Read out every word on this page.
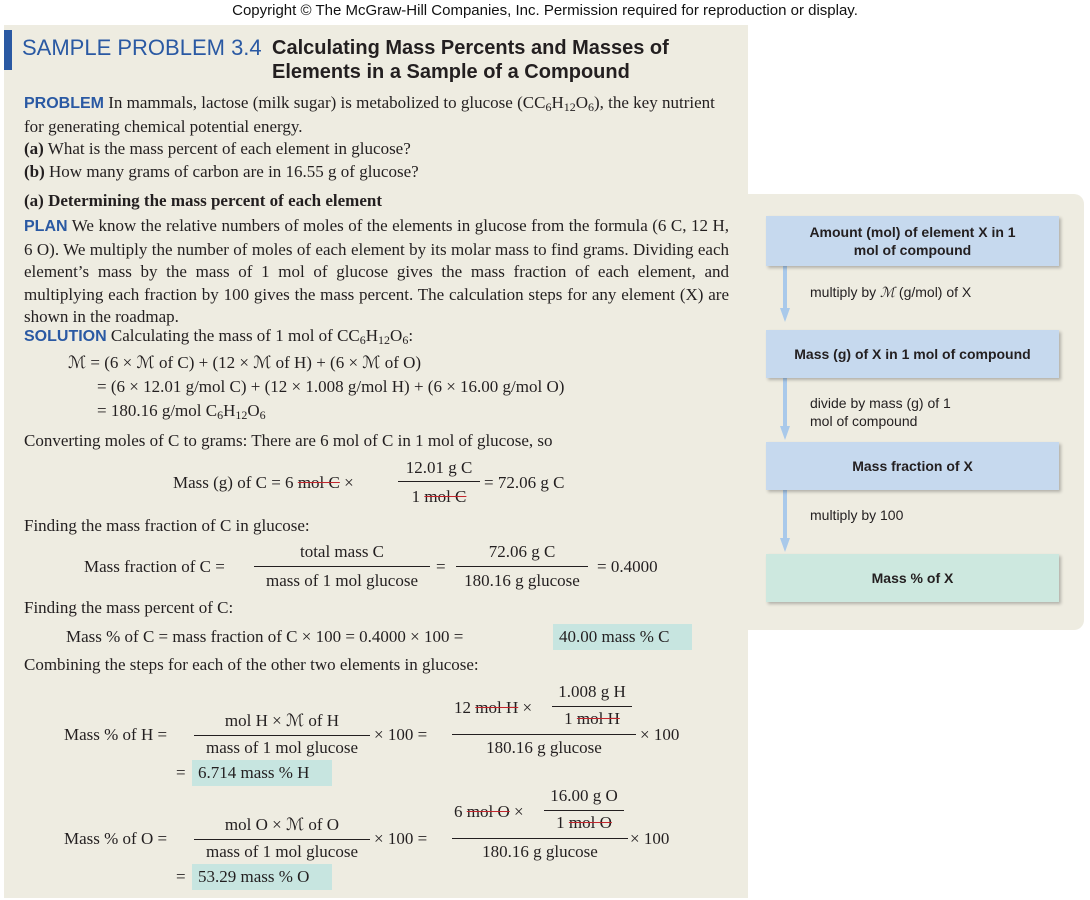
Copyright © The McGraw-Hill Companies, Inc. Permission required for reproduction or display.
SAMPLE PROBLEM 3.4 Calculating Mass Percents and Masses of
Elements in a Sample of a Compound
PROBLEM In mammals, lactose (milk sugar) is metabolized to glucose $(CC_6H_{12}O_6)$, the key nutrient for generating chemical potential energy.
(a) What is the mass percent of each element in glucose?
(b) How many grams of carbon are in 16.55 g of glucose?
(a) Determining the mass percent of each element
PLAN We know the relative numbers of moles of the elements in glucose from the formula (6 C, 12 H, 6 O). We multiply the number of moles of each element by its molar mass to find grams. Dividing each element’s mass by the mass of 1 mol of glucose gives the mass fraction of each element, and multiplying each fraction by 100 gives the mass percent. The calculation steps for any element (X) are shown in the roadmap.
SOLUTION Calculating the mass of 1 mol of $CC_6H_{12}O_6$:
ℳ = (6 × ℳ of C) + (12 × ℳ of H) + (6 × ℳ of O)
= (6 × 12.01 g/mol C) + (12 × 1.008 g/mol H) + (6 × 16.00 g/mol O)
= 180.16 g/mol $C_6H_{12}O_6$
Converting moles of C to grams: There are 6 mol of C in 1 mol of glucose, so
Mass (g) of C = 6 mol C ×
12.01 g C
1 mol C
= 72.06 g C
Finding the mass fraction of C in glucose:
Mass fraction of C =
total mass C
mass of 1 mol glucose
=
72.06 g C
180.16 g glucose
= 0.4000
Finding the mass percent of C:
Mass % of C = mass fraction of C × 100 = 0.4000 × 100 =	40.00 mass % C
Combining the steps for each of the other two elements in glucose:
Mass % of H =
mol H × ℳ of H
mass of 1 mol glucose
× 100 =
12 mol H ×
1.008 g H
1 mol H
180.16 g glucose
× 100
= 6.714 mass % H
Mass % of O =
mol O × ℳ of O
mass of 1 mol glucose
× 100 =
6 mol O ×
16.00 g O
1 mol O
180.16 g glucose
× 100
= 53.29 mass % O
Amount (mol) of element X in 1 mol of compound
multiply by ℳ (g/mol) of X
Mass (g) of X in 1 mol of compound
divide by mass (g) of 1 mol of compound
Mass fraction of X
multiply by 100
Mass % of X
